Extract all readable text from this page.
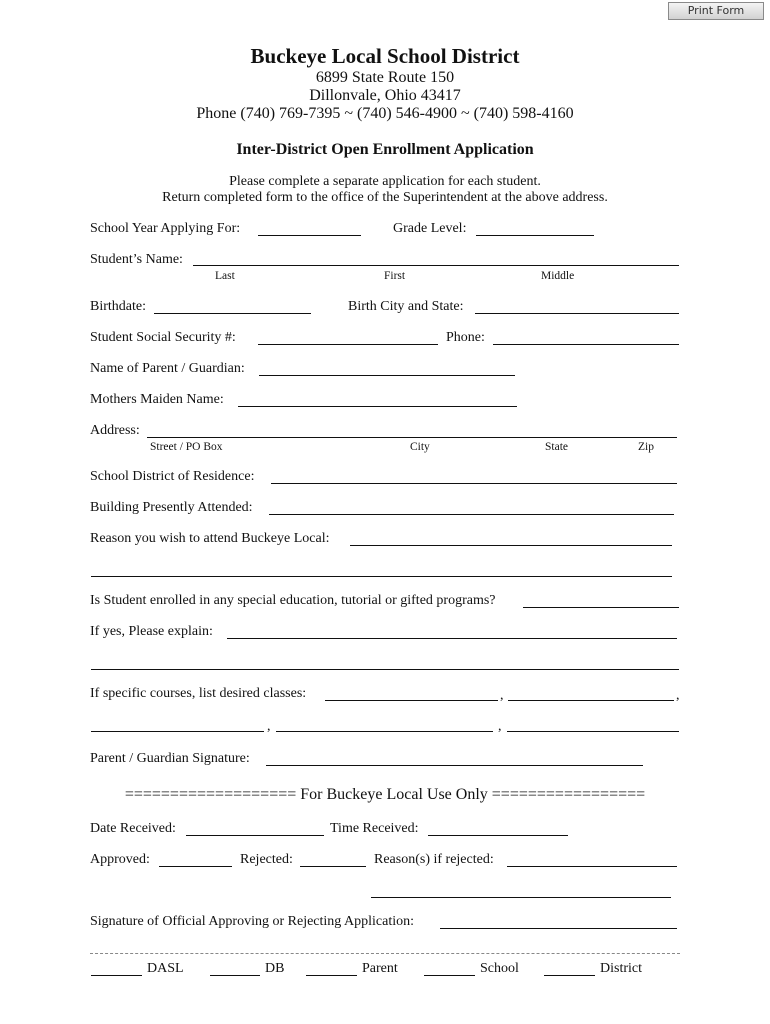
Print Form
Buckeye Local School District
6899 State Route 150
Dillonvale, Ohio 43417
Phone (740) 769-7395 ~ (740) 546-4900 ~ (740) 598-4160
Inter-District Open Enrollment Application
Please complete a separate application for each student.
Return completed form to the office of the Superintendent at the above address.
School Year Applying For:	Grade Level:
Student’s Name:
Last	First	Middle
Birthdate:	Birth City and State:
Student Social Security #:	Phone:
Name of Parent / Guardian:
Mothers Maiden Name:
Address:
Street / PO Box	City	State	Zip
School District of Residence:
Building Presently Attended:
Reason you wish to attend Buckeye Local:
Is Student enrolled in any special education, tutorial or gifted programs?
If yes, Please explain:
If specific courses, list desired classes:	,	,
,	,
Parent / Guardian Signature:
=================== For Buckeye Local Use Only =================
Date Received:	Time Received:
Approved:	Rejected:	Reason(s) if rejected:
Signature of Official Approving or Rejecting Application:
DASL	DB	Parent	School	District
